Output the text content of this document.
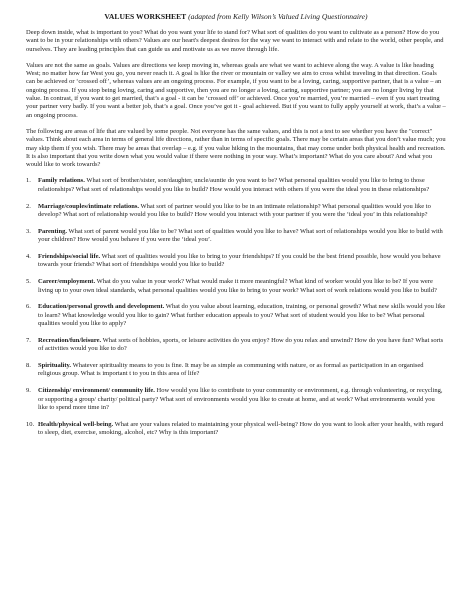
VALUES WORKSHEET (adapted from Kelly Wilson’s Valued Living Questionnaire)

Deep down inside, what is important to you? What do you want your life to stand for? What sort of qualities do you want to cultivate as a person? How do you want to be in your relationships with others? Values are our heart's deepest desires for the way we want to interact with and relate to the world, other people, and ourselves. They are leading principles that can guide us and motivate us as we move through life.

Values are not the same as goals. Values are directions we keep moving in, whereas goals are what we want to achieve along the way. A value is like heading West; no matter how far West you go, you never reach it. A goal is like the river or mountain or valley we aim to cross whilst traveling in that direction. Goals can be achieved or ‘crossed off’, whereas values are an ongoing process. For example, if you want to be a loving, caring, supportive partner, that is a value – an ongoing process. If you stop being loving, caring and supportive, then you are no longer a loving, caring, supportive partner; you are no longer living by that value. In contrast, if you want to get married, that’s a goal - it can be ‘crossed off’ or achieved. Once you’re married, you’re married – even if you start treating your partner very badly. If you want a better job, that’s a goal. Once you’ve got it - goal achieved. But if you want to fully apply yourself at work, that’s a value – an ongoing process.

The following are areas of life that are valued by some people. Not everyone has the same values, and this is not a test to see whether you have the "correct" values. Think about each area in terms of general life directions, rather than in terms of specific goals. There may be certain areas that you don’t value much; you may skip them if you wish. There may be areas that overlap – e.g. if you value hiking in the mountains, that may come under both physical health and recreation. It is also important that you write down what you would value if there were nothing in your way. What’s important? What do you care about? And what you would like to work towards?

1.	Family relations. What sort of brother/sister, son/daughter, uncle/auntie do you want to be? What personal qualities would you like to bring to those relationships? What sort of relationships would you like to build? How would you interact with others if you were the ideal you in these relationships?
2.	Marriage/couples/intimate relations. What sort of partner would you like to be in an intimate relationship? What personal qualities would you like to develop? What sort of relationship would you like to build? How would you interact with your partner if you were the ‘ideal you’ in this relationship?
3.	Parenting. What sort of parent would you like to be? What sort of qualities would you like to have? What sort of relationships would you like to build with your children? How would you behave if you were the ‘ideal you’.
4.	Friendships/social life. What sort of qualities would you like to bring to your friendships? If you could be the best friend possible, how would you behave towards your friends? What sort of friendships would you like to build?
5.	Career/employment. What do you value in your work? What would make it more meaningful? What kind of worker would you like to be? If you were living up to your own ideal standards, what personal qualities would you like to bring to your work? What sort of work relations would you like to build?
6.	Education/personal growth and development. What do you value about learning, education, training, or personal growth? What new skills would you like to learn? What knowledge would you like to gain? What further education appeals to you? What sort of student would you like to be? What personal qualities would you like to apply?
7.	Recreation/fun/leisure. What sorts of hobbies, sports, or leisure activities do you enjoy? How do you relax and unwind? How do you have fun? What sorts of activities would you like to do?
8.	Spirituality. Whatever spirituality means to you is fine. It may be as simple as communing with nature, or as formal as participation in an organised religious group. What is important t to you in this area of life?
9.	Citizenship/ environment/ community life. How would you like to contribute to your community or environment, e.g. through volunteering, or recycling, or supporting a group/ charity/ political party? What sort of environments would you like to create at home, and at work? What environments would you like to spend more time in?
10. Health/physical well-being. What are your values related to maintaining your physical well-being? How do you want to look after your health, with regard to sleep, diet, exercise, smoking, alcohol, etc? Why is this important?
